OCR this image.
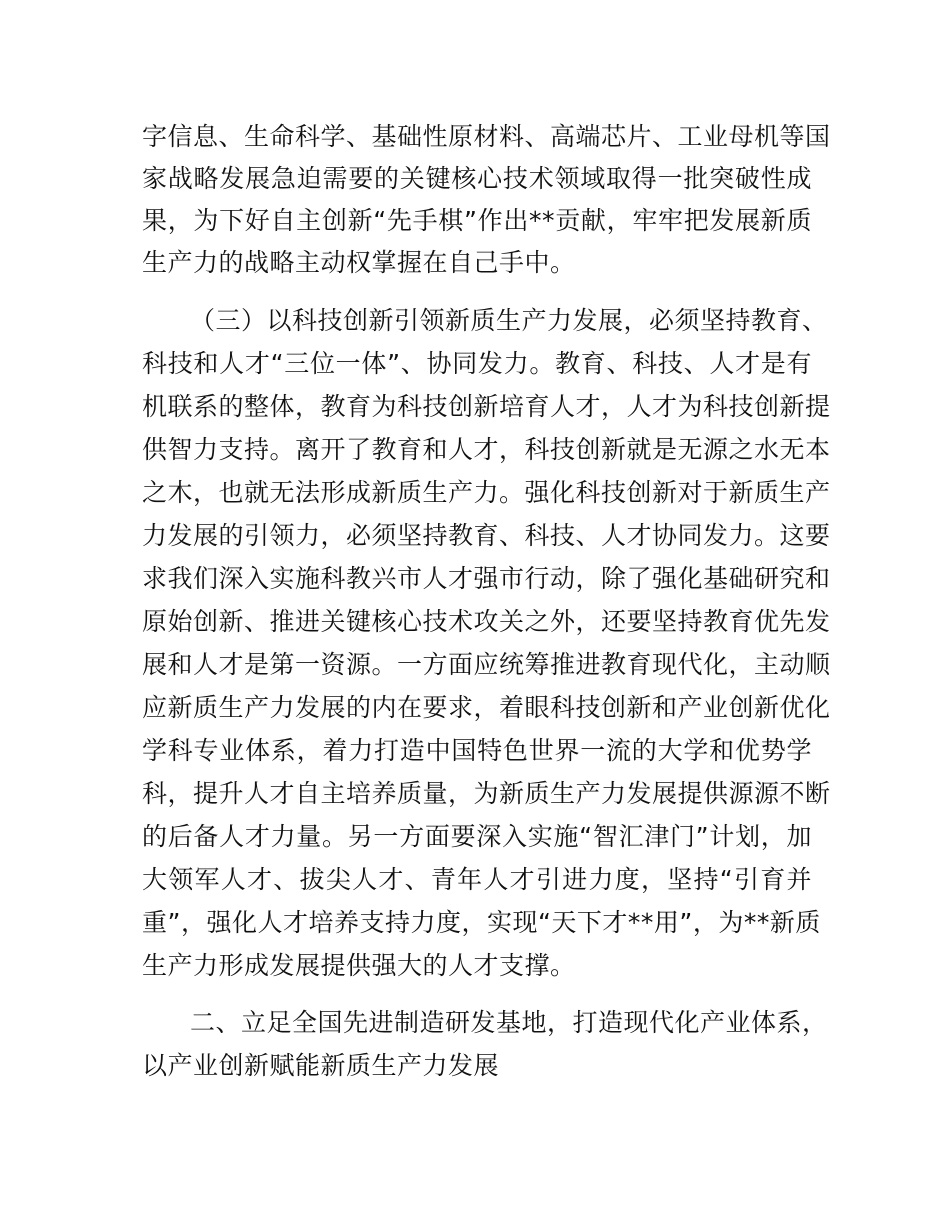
字信息、生命科学、基础性原材料、高端芯片、工业母机等国
家战略发展急迫需要的关键核心技术领域取得一批突破性成
果，为下好自主创新“先手棋”作出**贡献，牢牢把发展新质
生产力的战略主动权掌握在自己手中。
（三）以科技创新引领新质生产力发展，必须坚持教育、
科技和人才“三位一体”、协同发力。教育、科技、人才是有
机联系的整体，教育为科技创新培育人才，人才为科技创新提
供智力支持。离开了教育和人才，科技创新就是无源之水无本
之木，也就无法形成新质生产力。强化科技创新对于新质生产
力发展的引领力，必须坚持教育、科技、人才协同发力。这要
求我们深入实施科教兴市人才强市行动，除了强化基础研究和
原始创新、推进关键核心技术攻关之外，还要坚持教育优先发
展和人才是第一资源。一方面应统筹推进教育现代化，主动顺
应新质生产力发展的内在要求，着眼科技创新和产业创新优化
学科专业体系，着力打造中国特色世界一流的大学和优势学
科，提升人才自主培养质量，为新质生产力发展提供源源不断
的后备人才力量。另一方面要深入实施“智汇津门”计划，加
大领军人才、拔尖人才、青年人才引进力度，坚持“引育并
重”，强化人才培养支持力度，实现“天下才**用”，为**新质
生产力形成发展提供强大的人才支撑。
二、立足全国先进制造研发基地，打造现代化产业体系，
以产业创新赋能新质生产力发展
